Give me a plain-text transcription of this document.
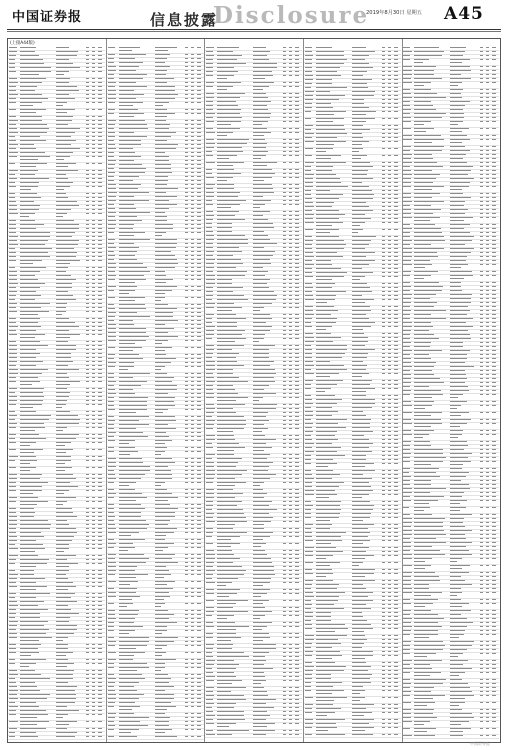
中国证券报	信息披露
Disclosure
2019年8月30日 星期五 A45
(上接A44版)
中国证券报
